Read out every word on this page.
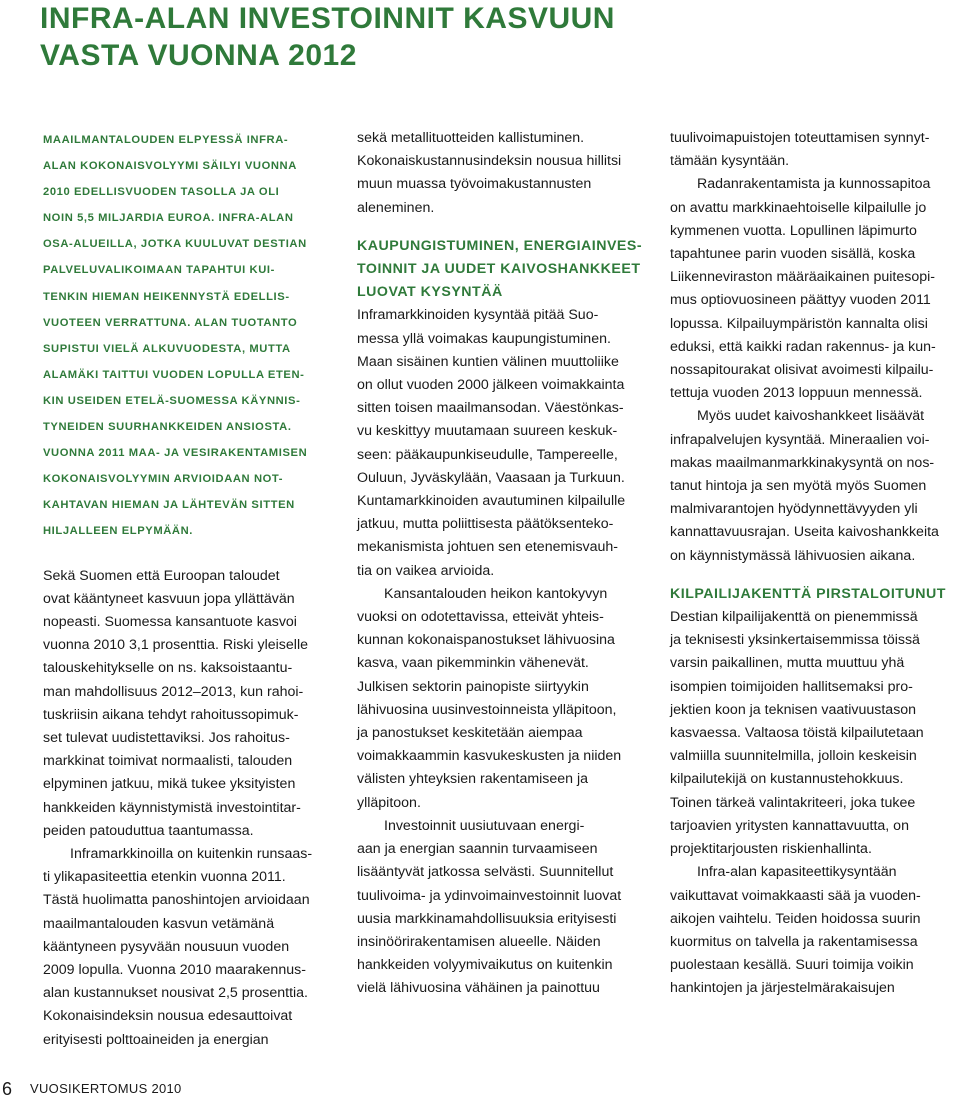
INFRA-ALAN INVESTOINNIT KASVUUN
VASTA VUONNA 2012
MAAILMANTALOUDEN ELPYESSÄ INFRA-
ALAN KOKONAISVOLYYMI SÄILYI VUONNA
2010 EDELLISVUODEN TASOLLA JA OLI
NOIN 5,5 MILJARDIA EUROA. INFRA-ALAN
OSA-ALUEILLA, JOTKA KUULUVAT DESTIAN
PALVELUVALIKOIMAAN TAPAHTUI KUI-
TENKIN HIEMAN HEIKENNYSTÄ EDELLIS-
VUOTEEN VERRATTUNA. ALAN TUOTANTO
SUPISTUI VIELÄ ALKUVUODESTA, MUTTA
ALAMÄKI TAITTUI VUODEN LOPULLA ETEN-
KIN USEIDEN ETELÄ-SUOMESSA KÄYNNIS-
TYNEIDEN SUURHANKKEIDEN ANSIOSTA.
VUONNA 2011 MAA- JA VESIRAKENTAMISEN
KOKONAISVOLYYMIN ARVIOIDAAN NOT-
KAHTAVAN HIEMAN JA LÄHTEVÄN SITTEN
HILJALLEEN ELPYMÄÄN.

Sekä Suomen että Euroopan taloudet
ovat kääntyneet kasvuun jopa yllättävän
nopeasti. Suomessa kansantuote kasvoi
vuonna 2010 3,1 prosenttia. Riski yleiselle
talouskehitykselle on ns. kaksoistaantu-
man mahdollisuus 2012–2013, kun rahoi-
tuskriisin aikana tehdyt rahoitussopimuk-
set tulevat uudistettaviksi. Jos rahoitus-
markkinat toimivat normaalisti, talouden
elpyminen jatkuu, mikä tukee yksityisten
hankkeiden käynnistymistä investointitar-
peiden patouduttua taantumassa.

Inframarkkinoilla on kuitenkin runsaas-
ti ylikapasiteettia etenkin vuonna 2011.
Tästä huolimatta panoshintojen arvioidaan
maailmantalouden kasvun vetämänä
kääntyneen pysyvään nousuun vuoden
2009 lopulla. Vuonna 2010 maarakennus-
alan kustannukset nousivat 2,5 prosenttia.
Kokonaisindeksin nousua edesauttoivat
erityisesti polttoaineiden ja energian

sekä metallituotteiden kallistuminen.
Kokonaiskustannusindeksin nousua hillitsi
muun muassa työvoimakustannusten
aleneminen.

KAUPUNGISTUMINEN, ENERGIAINVES-
TOINNIT JA UUDET KAIVOSHANKKEET
LUOVAT KYSYNTÄÄ

Inframarkkinoiden kysyntää pitää Suo-
messa yllä voimakas kaupungistuminen.
Maan sisäinen kuntien välinen muuttoliike
on ollut vuoden 2000 jälkeen voimakkainta
sitten toisen maailmansodan. Väestönkas-
vu keskittyy muutamaan suureen keskuk-
seen: pääkaupunkiseudulle, Tampereelle,
Ouluun, Jyväskylään, Vaasaan ja Turkuun.
Kuntamarkkinoiden avautuminen kilpailulle
jatkuu, mutta poliittisesta päätöksenteko-
mekanismista johtuen sen etenemisvauh-
tia on vaikea arvioida.

Kansantalouden heikon kantokyvyn
vuoksi on odotettavissa, etteivät yhteis-
kunnan kokonaispanostukset lähivuosina
kasva, vaan pikemminkin vähenevät.
Julkisen sektorin painopiste siirtyykin
lähivuosina uusinvestoinneista ylläpitoon,
ja panostukset keskitetään aiempaa
voimakkaammin kasvukeskusten ja niiden
välisten yhteyksien rakentamiseen ja
ylläpitoon.

Investoinnit uusiutuvaan energi-
aan ja energian saannin turvaamiseen
lisääntyvät jatkossa selvästi. Suunnitellut
tuulivoima- ja ydinvoimainvestoinnit luovat
uusia markkinamahdollisuuksia erityisesti
insinöörirakentamisen alueelle. Näiden
hankkeiden volyymivaikutus on kuitenkin
vielä lähivuosina vähäinen ja painottuu

tuulivoimapuistojen toteuttamisen synnyt-
tämään kysyntään.

Radanrakentamista ja kunnossapitoa
on avattu markkinaehtoiselle kilpailulle jo
kymmenen vuotta. Lopullinen läpimurto
tapahtunee parin vuoden sisällä, koska
Liikenneviraston määräaikainen puitesopi-
mus optiovuosineen päättyy vuoden 2011
lopussa. Kilpailuympäristön kannalta olisi
eduksi, että kaikki radan rakennus- ja kun-
nossapitourakat olisivat avoimesti kilpailu-
tettuja vuoden 2013 loppuun mennessä.

Myös uudet kaivoshankkeet lisäävät
infrapalvelujen kysyntää. Mineraalien voi-
makas maailmanmarkkinakysyntä on nos-
tanut hintoja ja sen myötä myös Suomen
malmivarantojen hyödynnettävyyden yli
kannattavuusrajan. Useita kaivoshankkeita
on käynnistymässä lähivuosien aikana.

KILPAILIJAKENTTÄ PIRSTALOITUNUT

Destian kilpailijakenttä on pienemmissä
ja teknisesti yksinkertaisemmissa töissä
varsin paikallinen, mutta muuttuu yhä
isompien toimijoiden hallitsemaksi pro-
jektien koon ja teknisen vaativuustason
kasvaessa. Valtaosa töistä kilpailutetaan
valmiilla suunnitelmilla, jolloin keskeisin
kilpailutekijä on kustannustehokkuus.
Toinen tärkeä valintakriteeri, joka tukee
tarjoavien yritysten kannattavuutta, on
projektitarjousten riskienhallinta.

Infra-alan kapasiteettikysyntään
vaikuttavat voimakkaasti sää ja vuoden-
aikojen vaihtelu. Teiden hoidossa suurin
kuormitus on talvella ja rakentamisessa
puolestaan kesällä. Suuri toimija voikin
hankintojen ja järjestelmärakaisujen

6 VUOSIKERTOMUS 2010
